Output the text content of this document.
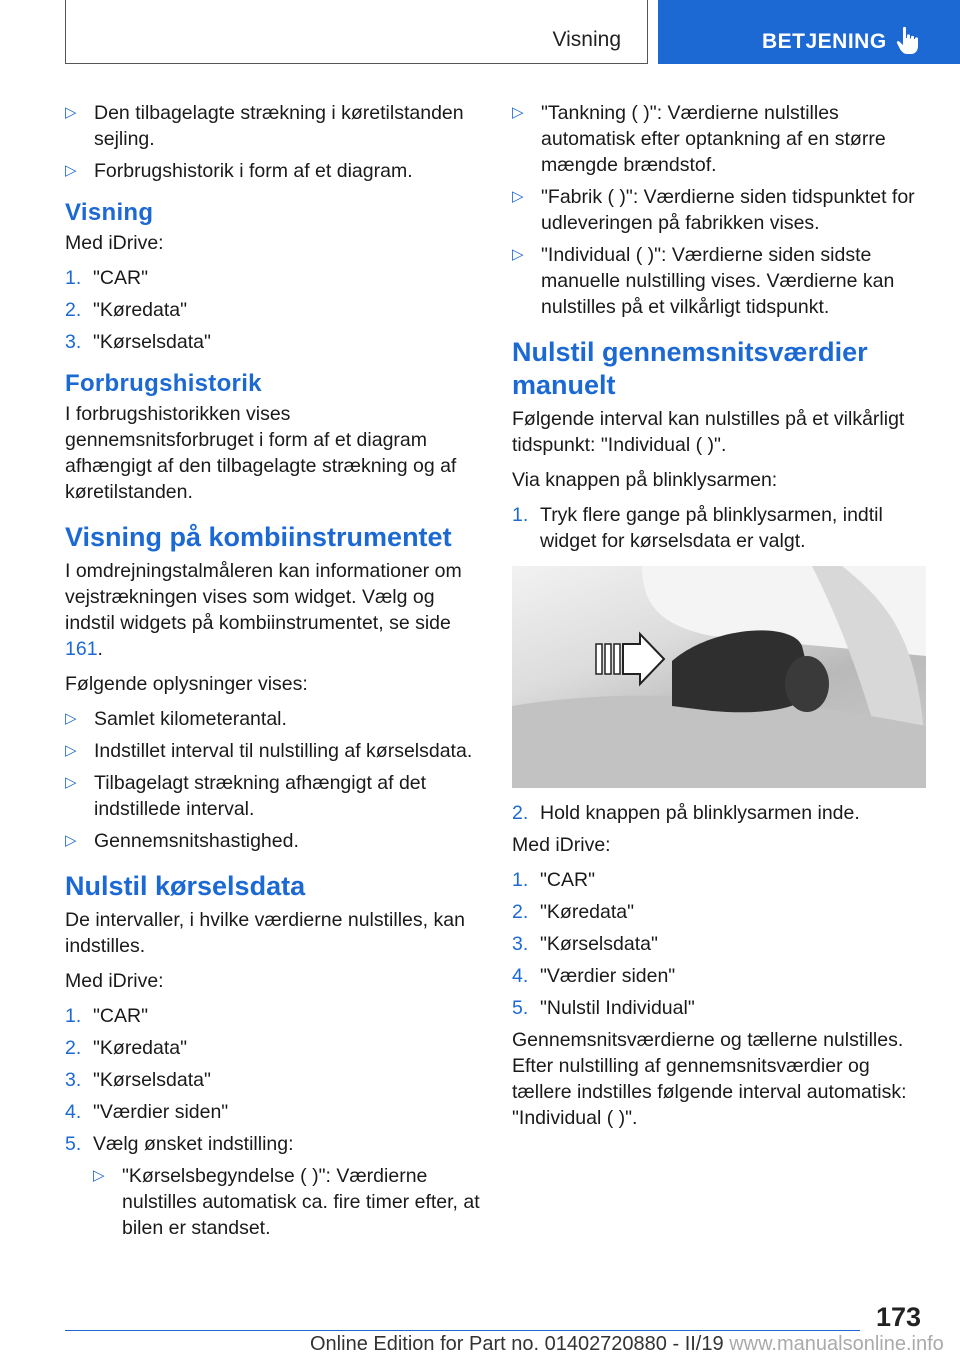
Visning	BETJENING
▷ Den tilbagelagte strækning i køretilstanden sejling.
▷ Forbrugshistorik i form af et diagram.
Visning

Med iDrive:

1. "CAR"
2. "Køredata"
3. "Kørselsdata"
Forbrugshistorik

I forbrugshistorikken vises gennemsnitsforbruget i form af et diagram afhængigt af den tilbagelagte strækning og af køretilstanden.

Visning på kombiinstrumentet

I omdrejningstalmåleren kan informationer om vejstrækningen vises som widget. Vælg og indstil widgets på kombiinstrumentet, se side 161.

Følgende oplysninger vises:

▷ Samlet kilometerantal.
▷ Indstillet interval til nulstilling af kørselsdata.
▷ Tilbagelagt strækning afhængigt af det indstillede interval.
▷ Gennemsnitshastighed.
Nulstil kørselsdata

De intervaller, i hvilke værdierne nulstilles, kan indstilles.

Med iDrive:

1. "CAR"
2. "Køredata"
3. "Kørselsdata"
4. "Værdier siden"
5. Vælg ønsket indstilling:
▷ "Kørselsbegyndelse ( )": Værdierne nulstilles automatisk ca. fire timer efter, at bilen er standset.
▷ "Tankning ( )": Værdierne nulstilles automatisk efter optankning af en større mængde brændstof.
▷ "Fabrik ( )": Værdierne siden tidspunktet for udleveringen på fabrikken vises.
▷ "Individual ( )": Værdierne siden sidste manuelle nulstilling vises. Værdierne kan nulstilles på et vilkårligt tidspunkt.
Nulstil gennemsnitsværdier manuelt

Følgende interval kan nulstilles på et vilkårligt tidspunkt: "Individual ( )".

Via knappen på blinklysarmen:

1. Tryk flere gange på blinklysarmen, indtil widget for kørselsdata er valgt.
2. Hold knappen på blinklysarmen inde.

Med iDrive:

1. "CAR"
2. "Køredata"
3. "Kørselsdata"
4. "Værdier siden"
5. "Nulstil Individual"

Gennemsnitsværdierne og tællerne nulstilles. Efter nulstilling af gennemsnitsværdier og tællere indstilles følgende interval automatisk: "Individual ( )".

173
Online Edition for Part no. 01402720880 - II/19 www.manualsonline.info
